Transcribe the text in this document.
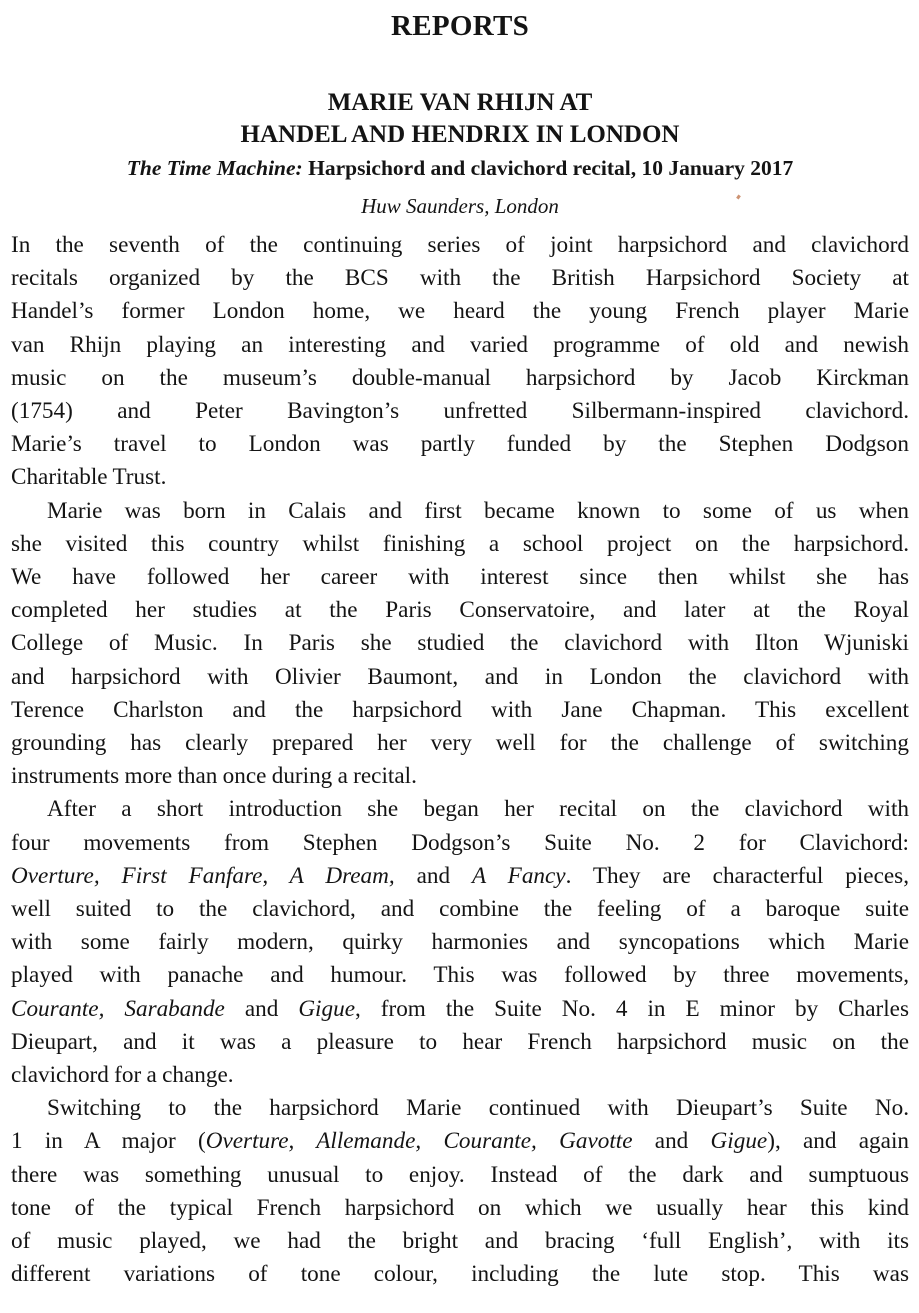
REPORTS
MARIE VAN RHIJN AT
HANDEL AND HENDRIX IN LONDON
The Time Machine: Harpsichord and clavichord recital, 10 January 2017
Huw Saunders, London
In the seventh of the continuing series of joint harpsichord and clavichord
recitals organized by the BCS with the British Harpsichord Society at
Handel’s former London home, we heard the young French player Marie
van Rhijn playing an interesting and varied programme of old and newish
music on the museum’s double-manual harpsichord by Jacob Kirckman
(1754) and Peter Bavington’s unfretted Silbermann-inspired clavichord.
Marie’s travel to London was partly funded by the Stephen Dodgson
Charitable Trust.
Marie was born in Calais and first became known to some of us when
she visited this country whilst finishing a school project on the harpsichord.
We have followed her career with interest since then whilst she has
completed her studies at the Paris Conservatoire, and later at the Royal
College of Music. In Paris she studied the clavichord with Ilton Wjuniski
and harpsichord with Olivier Baumont, and in London the clavichord with
Terence Charlston and the harpsichord with Jane Chapman. This excellent
grounding has clearly prepared her very well for the challenge of switching
instruments more than once during a recital.
After a short introduction she began her recital on the clavichord with
four movements from Stephen Dodgson’s Suite No. 2 for Clavichord:
Overture, First Fanfare, A Dream, and A Fancy. They are characterful pieces,
well suited to the clavichord, and combine the feeling of a baroque suite
with some fairly modern, quirky harmonies and syncopations which Marie
played with panache and humour. This was followed by three movements,
Courante, Sarabande and Gigue, from the Suite No. 4 in E minor by Charles
Dieupart, and it was a pleasure to hear French harpsichord music on the
clavichord for a change.
Switching to the harpsichord Marie continued with Dieupart’s Suite No.
1 in A major (Overture, Allemande, Courante, Gavotte and Gigue), and again
there was something unusual to enjoy. Instead of the dark and sumptuous
tone of the typical French harpsichord on which we usually hear this kind
of music played, we had the bright and bracing ‘full English’, with its
different variations of tone colour, including the lute stop. This was
